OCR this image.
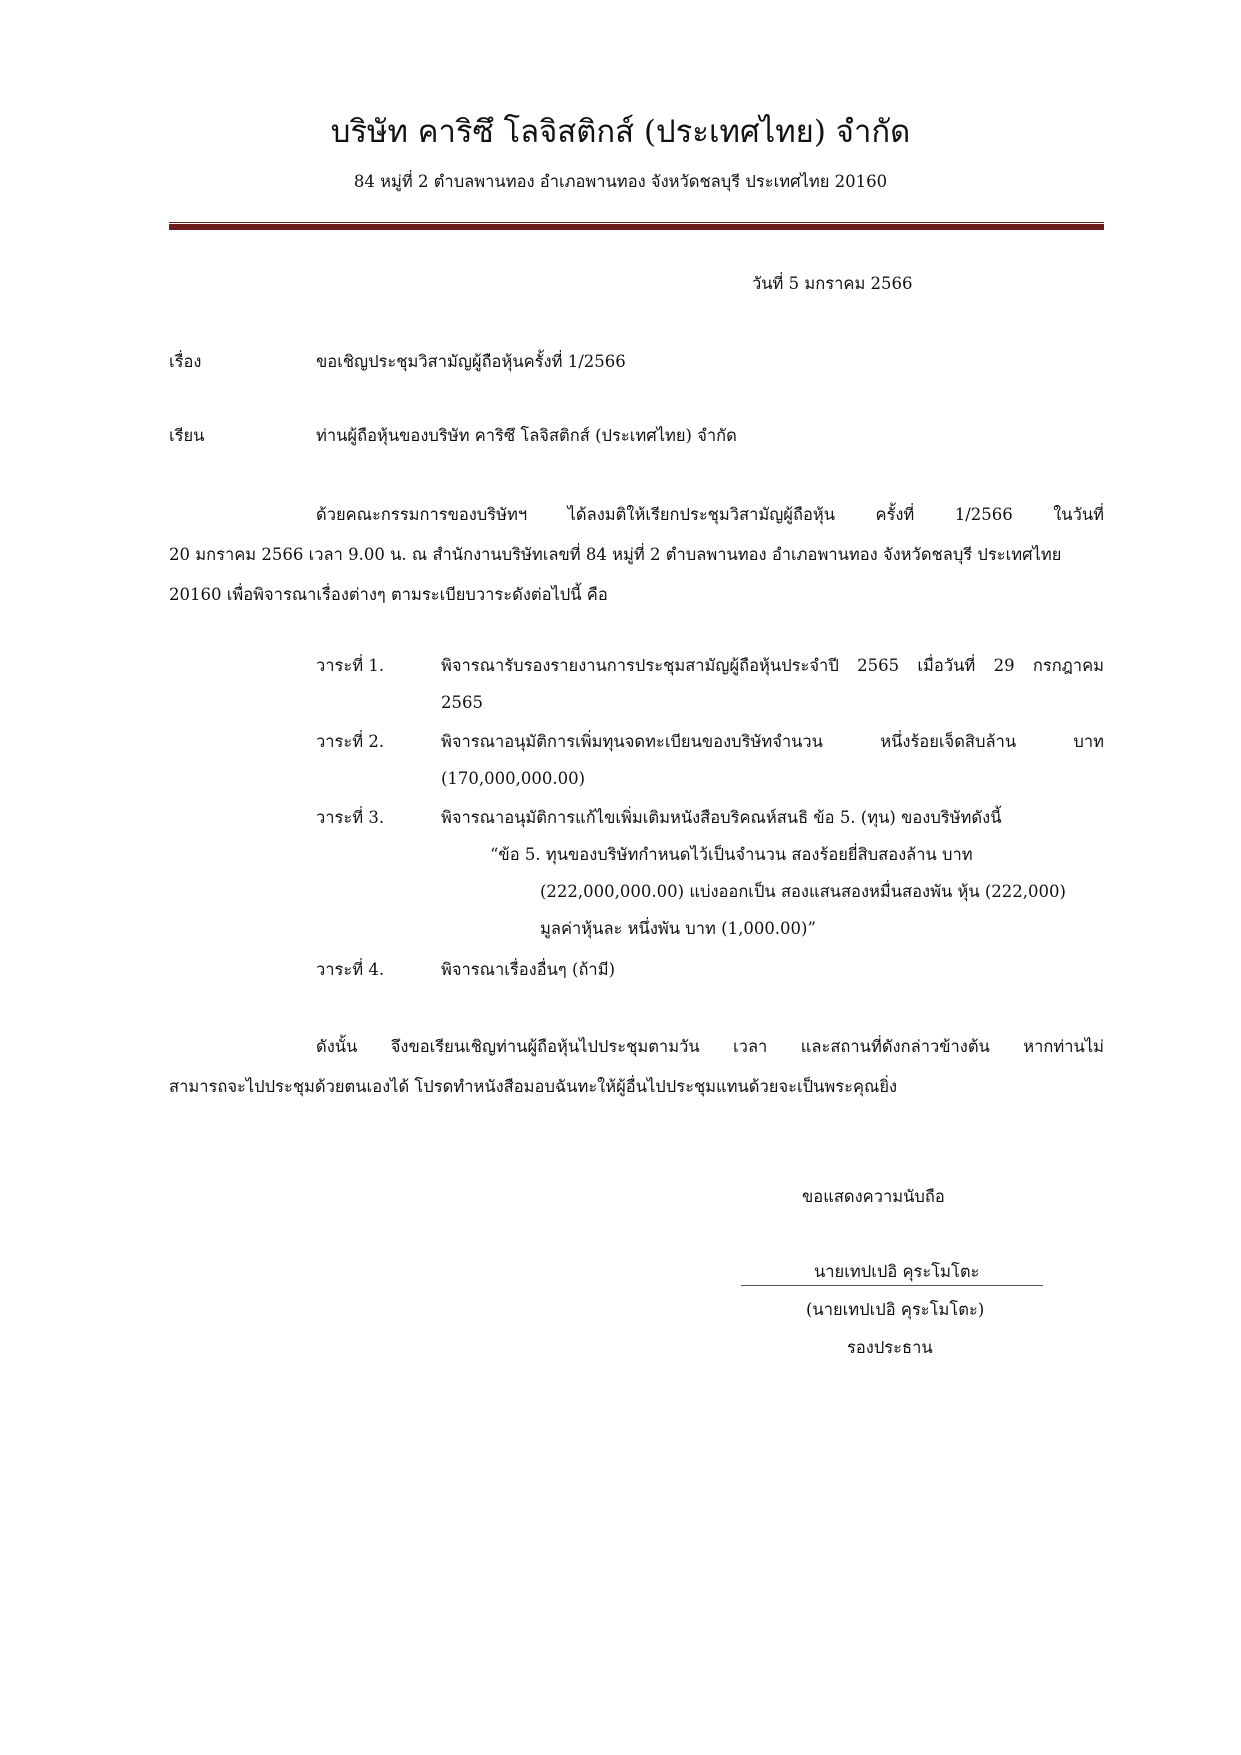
บริษัท คาริซึ โลจิสติกส์ (ประเทศไทย) จำกัด
84 หมู่ที่ 2 ตำบลพานทอง อำเภอพานทอง จังหวัดชลบุรี ประเทศไทย 20160
วันที่ 5 มกราคม 2566
เรื่อง	ขอเชิญประชุมวิสามัญผู้ถือหุ้นครั้งที่ 1/2566
เรียน	ท่านผู้ถือหุ้นของบริษัท คาริซึ โลจิสติกส์ (ประเทศไทย) จำกัด
ด้วยคณะกรรมการของบริษัทฯ ได้ลงมติให้เรียกประชุมวิสามัญผู้ถือหุ้น ครั้งที่ 1/2566 ในวันที่
20 มกราคม 2566 เวลา 9.00 น. ณ สำนักงานบริษัทเลขที่ 84 หมู่ที่ 2 ตำบลพานทอง อำเภอพานทอง จังหวัดชลบุรี ประเทศไทย
20160 เพื่อพิจารณาเรื่องต่างๆ ตามระเบียบวาระดังต่อไปนี้ คือ
วาระที่ 1.	พิจารณารับรองรายงานการประชุมสามัญผู้ถือหุ้นประจำปี 2565 เมื่อวันที่ 29 กรกฎาคม
2565
วาระที่ 2.	พิจารณาอนุมัติการเพิ่มทุนจดทะเบียนของบริษัทจำนวน หนึ่งร้อยเจ็ดสิบล้าน บาท
(170,000,000.00)
วาระที่ 3.	พิจารณาอนุมัติการแก้ไขเพิ่มเติมหนังสือบริคณห์สนธิ ข้อ 5. (ทุน) ของบริษัทดังนี้
“ข้อ 5. ทุนของบริษัทกำหนดไว้เป็นจำนวน สองร้อยยี่สิบสองล้าน บาท
(222,000,000.00) แบ่งออกเป็น สองแสนสองหมื่นสองพัน หุ้น (222,000)
มูลค่าหุ้นละ หนึ่งพัน บาท (1,000.00)”
วาระที่ 4.	พิจารณาเรื่องอื่นๆ (ถ้ามี)
ดังนั้น จึงขอเรียนเชิญท่านผู้ถือหุ้นไปประชุมตามวัน เวลา และสถานที่ดังกล่าวข้างต้น หากท่านไม่
สามารถจะไปประชุมด้วยตนเองได้ โปรดทำหนังสือมอบฉันทะให้ผู้อื่นไปประชุมแทนด้วยจะเป็นพระคุณยิ่ง
ขอแสดงความนับถือ
นายเทปเปอิ คุระโมโตะ
(นายเทปเปอิ คุระโมโตะ)
รองประธาน
